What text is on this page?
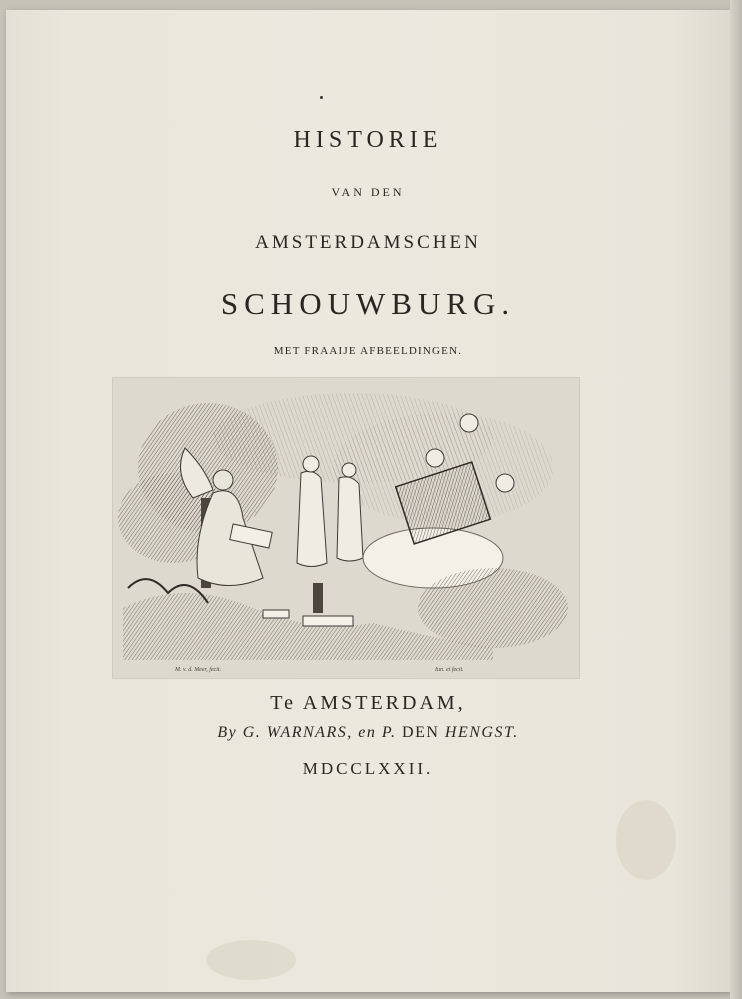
HISTORIE
VAN DEN
AMSTERDAMSCHEN
SCHOUWBURG.
MET FRAAIJE AFBEELDINGEN.
M. v. d. Meer, fecit.	Iun. et fecit.
Te AMSTERDAM,
By G. WARNARS, en P. DEN HENGST.
MDCCLXXII.
